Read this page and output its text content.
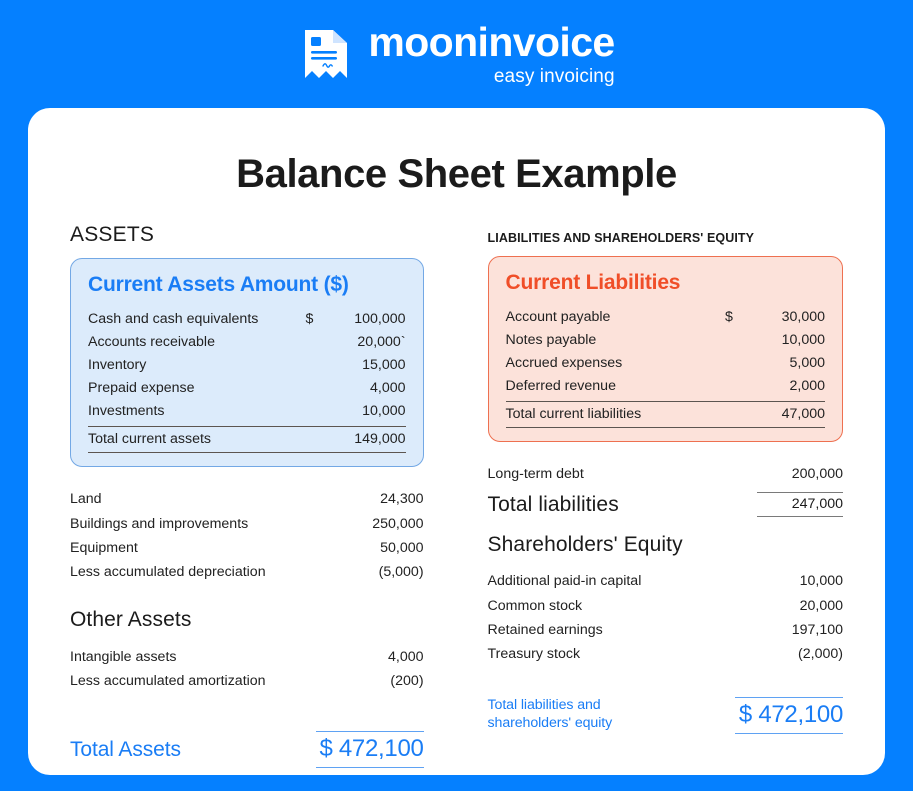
mooninvoice
easy invoicing
Balance Sheet Example
ASSETS
Current Assets Amount ($)
Cash and cash equivalents	$	100,000
Accounts receivable	20,000`
Inventory	15,000
Prepaid expense	4,000
Investments	10,000
Total current assets	149,000
Land	24,300
Buildings and improvements	250,000
Equipment	50,000
Less accumulated depreciation	(5,000)
Other Assets
Intangible assets	4,000
Less accumulated amortization	(200)
Total Assets	$ 472,100
LIABILITIES AND SHAREHOLDERS' EQUITY
Current Liabilities
Account payable	$	30,000
Notes payable	10,000
Accrued expenses	5,000
Deferred revenue	2,000
Total current liabilities	47,000
Long-term debt	200,000
Total liabilities	247,000
Shareholders' Equity
Additional paid-in capital	10,000
Common stock	20,000
Retained earnings	197,100
Treasury stock	(2,000)
Total liabilities and
shareholders' equity	$ 472,100
